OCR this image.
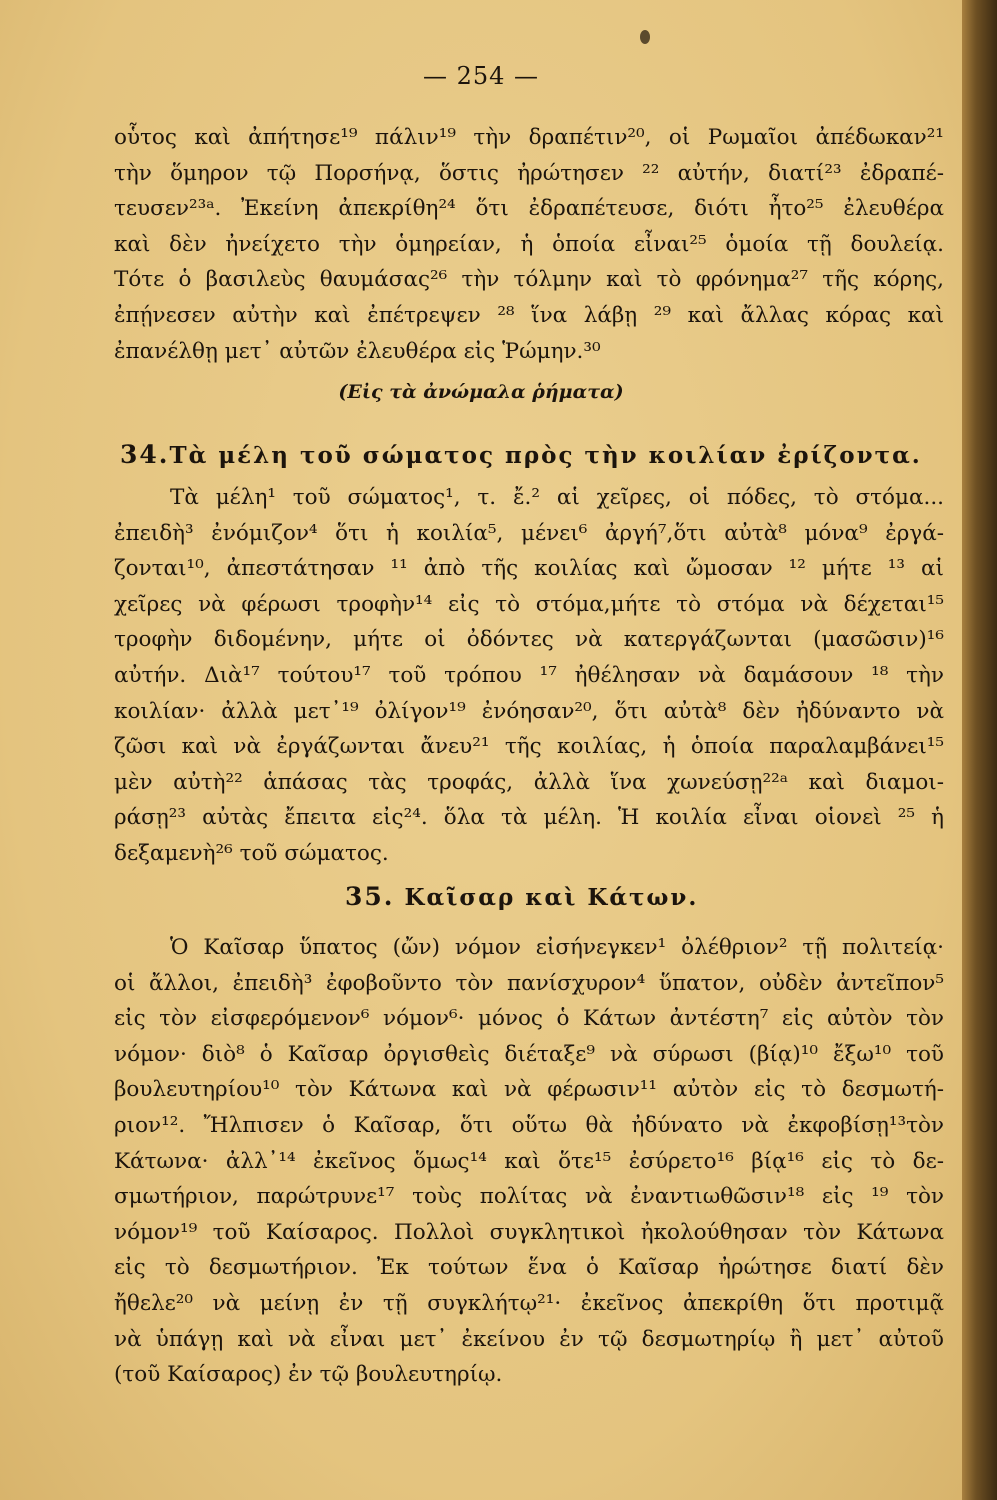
— 254 —
οὗτος καὶ ἀπήτησε¹⁹ πάλιν¹⁹ τὴν δραπέτιν²⁰, οἱ Ρωμαῖοι ἀπέδωκαν²¹
τὴν ὅμηρον τῷ Πορσήνᾳ, ὅστις ἠρώτησεν ²² αὐτήν, διατί²³ ἐδραπέ-
τευσεν²³ᵃ. Ἐκείνη ἀπεκρίθη²⁴ ὅτι ἐδραπέτευσε, διότι ἦτο²⁵ ἐλευθέρα
καὶ δὲν ἠνείχετο τὴν ὁμηρείαν, ἡ ὁποία εἶναι²⁵ ὁμοία τῇ δουλείᾳ.
Τότε ὁ βασιλεὺς θαυμάσας²⁶ τὴν τόλμην καὶ τὸ φρόνημα²⁷ τῆς κόρης,
ἐπῄνεσεν αὐτὴν καὶ ἐπέτρεψεν ²⁸ ἵνα λάβῃ ²⁹ καὶ ἄλλας κόρας καὶ
ἐπανέλθῃ μετ᾽ αὐτῶν ἐλευθέρα εἰς Ῥώμην.³⁰
(Εἰς τὰ ἀνώμαλα ῥήματα)
34.Τὰ μέλη τοῦ σώματος πρὸς τὴν κοιλίαν ἐρίζοντα.
Τὰ μέλη¹ τοῦ σώματος¹, τ. ἔ.² αἱ χεῖρες, οἱ πόδες, τὸ στόμα...
ἐπειδὴ³ ἐνόμιζον⁴ ὅτι ἡ κοιλία⁵, μένει⁶ ἀργή⁷,ὅτι αὐτὰ⁸ μόνα⁹ ἐργά-
ζονται¹⁰, ἀπεστάτησαν ¹¹ ἀπὸ τῆς κοιλίας καὶ ὤμοσαν ¹² μήτε ¹³ αἱ
χεῖρες νὰ φέρωσι τροφὴν¹⁴ εἰς τὸ στόμα,μήτε τὸ στόμα νὰ δέχεται¹⁵
τροφὴν διδομένην, μήτε οἱ ὀδόντες νὰ κατεργάζωνται (μασῶσιν)¹⁶
αὐτήν. Διὰ¹⁷ τούτου¹⁷ τοῦ τρόπου ¹⁷ ἠθέλησαν νὰ δαμάσουν ¹⁸ τὴν
κοιλίαν· ἀλλὰ μετ᾽¹⁹ ὀλίγον¹⁹ ἐνόησαν²⁰, ὅτι αὐτὰ⁸ δὲν ἠδύναντο νὰ
ζῶσι καὶ νὰ ἐργάζωνται ἄνευ²¹ τῆς κοιλίας, ἡ ὁποία παραλαμβάνει¹⁵
μὲν αὐτὴ²² ἁπάσας τὰς τροφάς, ἀλλὰ ἵνα χωνεύσῃ²²ᵃ καὶ διαμοι-
ράσῃ²³ αὐτὰς ἔπειτα εἰς²⁴. ὅλα τὰ μέλη. Ἡ κοιλία εἶναι οἱονεὶ ²⁵ ἡ
δεξαμενὴ²⁶ τοῦ σώματος.
35. Καῖσαρ καὶ Κάτων.
Ὁ Καῖσαρ ὕπατος (ὤν) νόμον εἰσήνεγκεν¹ ὀλέθριον² τῇ πολιτείᾳ·
οἱ ἄλλοι, ἐπειδὴ³ ἐφοβοῦντο τὸν πανίσχυρον⁴ ὕπατον, οὐδὲν ἀντεῖπον⁵
εἰς τὸν εἰσφερόμενον⁶ νόμον⁶· μόνος ὁ Κάτων ἀντέστη⁷ εἰς αὐτὸν τὸν
νόμον· διὸ⁸ ὁ Καῖσαρ ὀργισθεὶς διέταξε⁹ νὰ σύρωσι (βίᾳ)¹⁰ ἔξω¹⁰ τοῦ
βουλευτηρίου¹⁰ τὸν Κάτωνα καὶ νὰ φέρωσιν¹¹ αὐτὸν εἰς τὸ δεσμωτή-
ριον¹². Ἤλπισεν ὁ Καῖσαρ, ὅτι οὕτω θὰ ἠδύνατο νὰ ἐκφοβίσῃ¹³τὸν
Κάτωνα· ἀλλ᾽¹⁴ ἐκεῖνος ὅμως¹⁴ καὶ ὅτε¹⁵ ἐσύρετο¹⁶ βίᾳ¹⁶ εἰς τὸ δε-
σμωτήριον, παρώτρυνε¹⁷ τοὺς πολίτας νὰ ἐναντιωθῶσιν¹⁸ εἰς ¹⁹ τὸν
νόμον¹⁹ τοῦ Καίσαρος. Πολλοὶ συγκλητικοὶ ἠκολούθησαν τὸν Κάτωνα
εἰς τὸ δεσμωτήριον. Ἐκ τούτων ἕνα ὁ Καῖσαρ ἠρώτησε διατί δὲν
ἤθελε²⁰ νὰ μείνῃ ἐν τῇ συγκλήτῳ²¹· ἐκεῖνος ἀπεκρίθη ὅτι προτιμᾷ
νὰ ὑπάγῃ καὶ νὰ εἶναι μετ᾽ ἐκείνου ἐν τῷ δεσμωτηρίῳ ἢ μετ᾽ αὐτοῦ
(τοῦ Καίσαρος) ἐν τῷ βουλευτηρίῳ.
